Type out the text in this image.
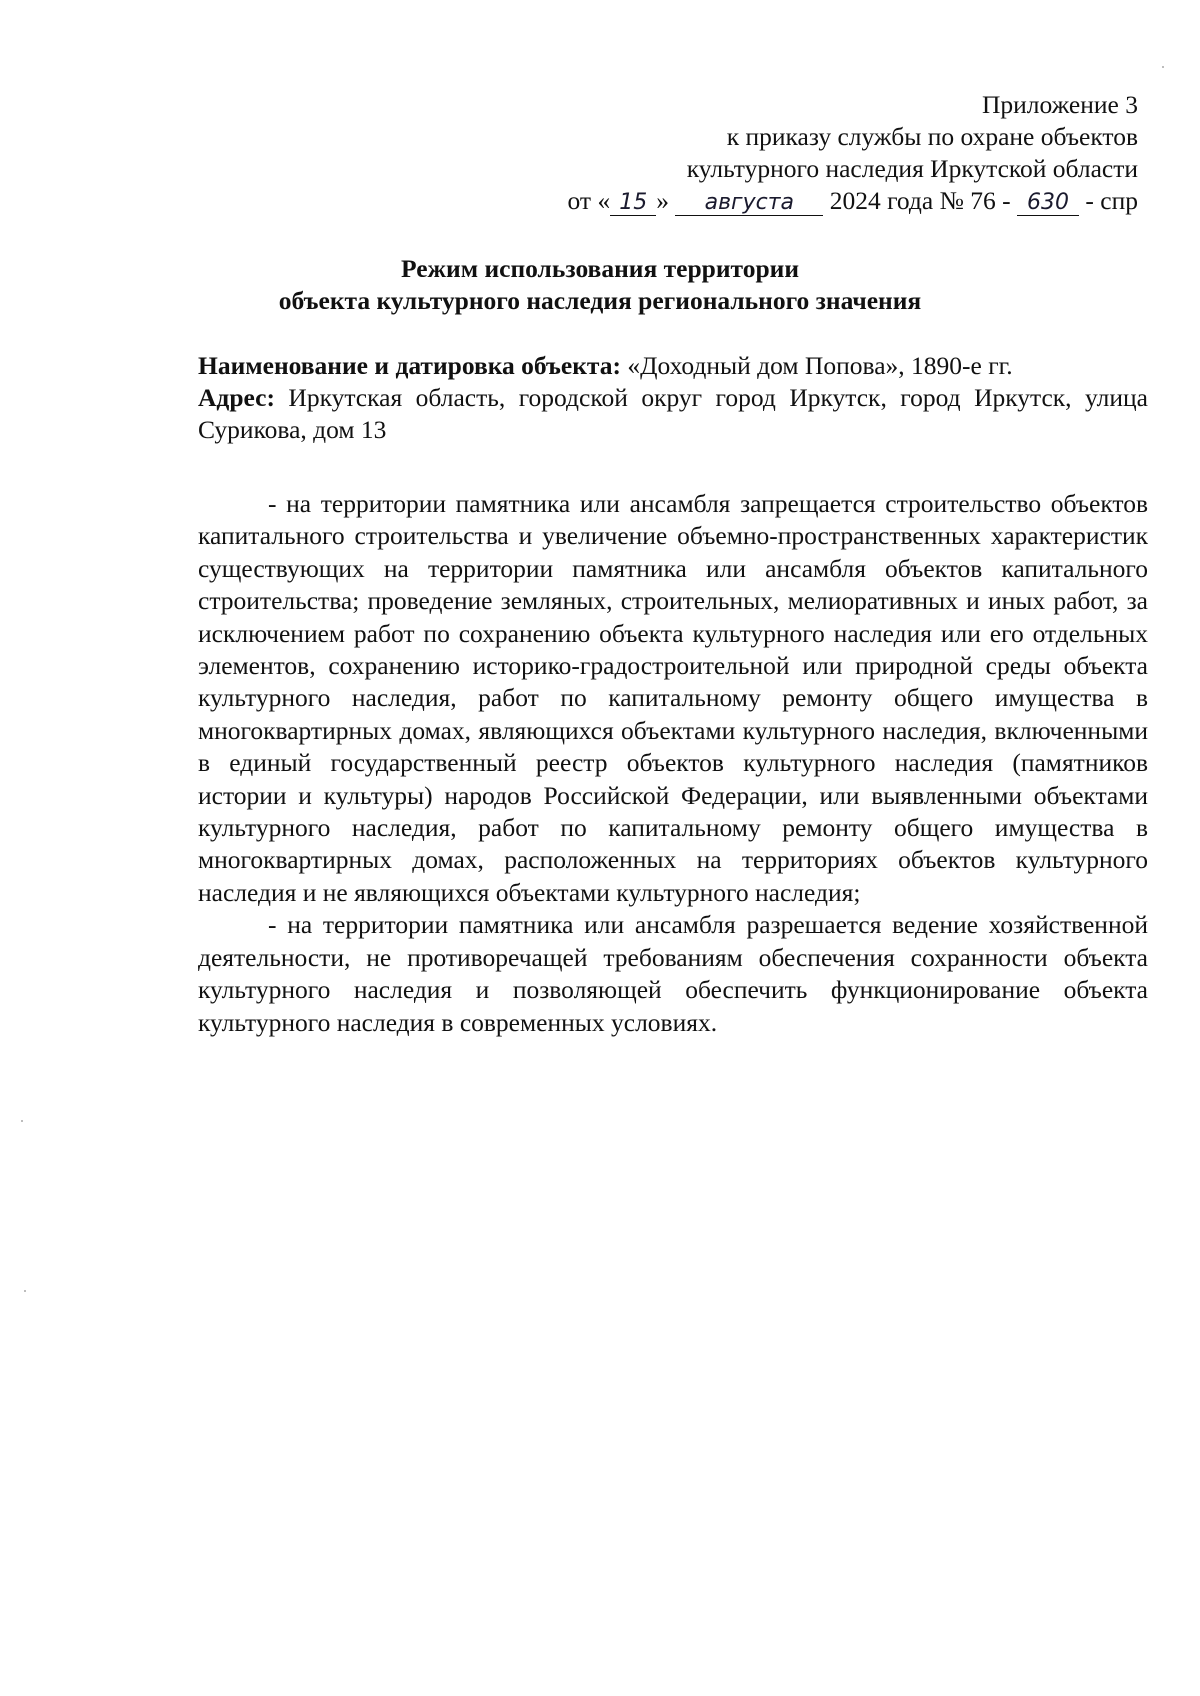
Приложение 3
к приказу службы по охране объектов
культурного наследия Иркутской области
от « 15 » августа 2024 года № 76 - 630 - спр
Режим использования территории
объекта культурного наследия регионального значения
Наименование и датировка объекта: «Доходный дом Попова», 1890-е гг.
Адрес: Иркутская область, городской округ город Иркутск, город Иркутск, улица Сурикова, дом 13

- на территории памятника или ансамбля запрещается строительство объектов капитального строительства и увеличение объемно-пространственных характеристик существующих на территории памятника или ансамбля объектов капитального строительства; проведение земляных, строительных, мелиоративных и иных работ, за исключением работ по сохранению объекта культурного наследия или его отдельных элементов, сохранению историко-градостроительной или природной среды объекта культурного наследия, работ по капитальному ремонту общего имущества в многоквартирных домах, являющихся объектами культурного наследия, включенными в единый государственный реестр объектов культурного наследия (памятников истории и культуры) народов Российской Федерации, или выявленными объектами культурного наследия, работ по капитальному ремонту общего имущества в многоквартирных домах, расположенных на территориях объектов культурного наследия и не являющихся объектами культурного наследия;

- на территории памятника или ансамбля разрешается ведение хозяйственной деятельности, не противоречащей требованиям обеспечения сохранности объекта культурного наследия и позволяющей обеспечить функционирование объекта культурного наследия в современных условиях.
